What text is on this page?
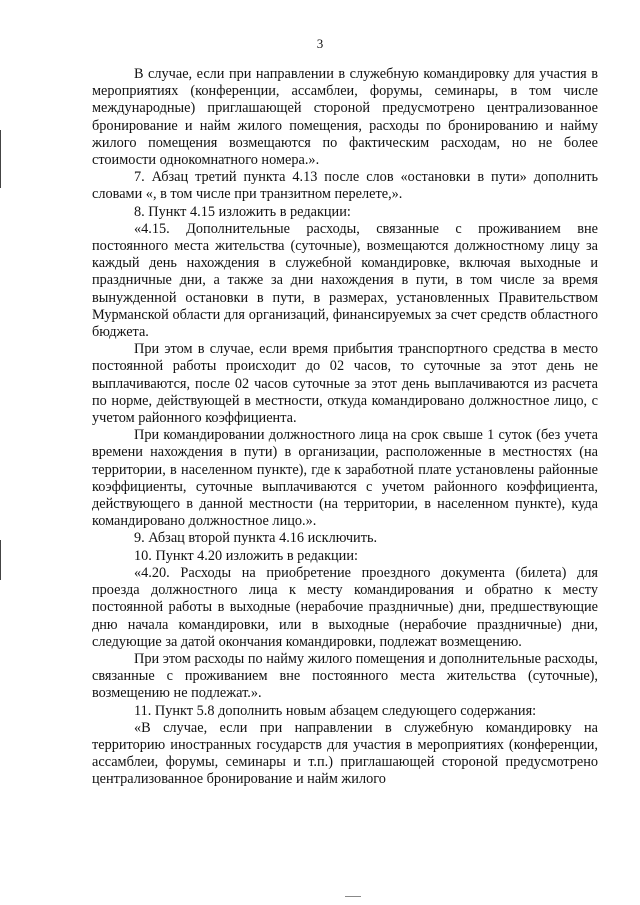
3

В случае, если при направлении в служебную командировку для участия в мероприятиях (конференции, ассамблеи, форумы, семинары, в том числе международные) приглашающей стороной предусмотрено централизованное бронирование и найм жилого помещения, расходы по бронированию и найму жилого помещения возмещаются по фактическим расходам, но не более стоимости однокомнатного номера.».

7. Абзац третий пункта 4.13 после слов «остановки в пути» дополнить словами «, в том числе при транзитном перелете,».

8. Пункт 4.15 изложить в редакции:

«4.15. Дополнительные расходы, связанные с проживанием вне постоянного места жительства (суточные), возмещаются должностному лицу за каждый день нахождения в служебной командировке, включая выходные и праздничные дни, а также за дни нахождения в пути, в том числе за время вынужденной остановки в пути, в размерах, установленных Правительством Мурманской области для организаций, финансируемых за счет средств областного бюджета.

При этом в случае, если время прибытия транспортного средства в место постоянной работы происходит до 02 часов, то суточные за этот день не выплачиваются, после 02 часов суточные за этот день выплачиваются из расчета по норме, действующей в местности, откуда командировано должностное лицо, с учетом районного коэффициента.

При командировании должностного лица на срок свыше 1 суток (без учета времени нахождения в пути) в организации, расположенные в местностях (на территории, в населенном пункте), где к заработной плате установлены районные коэффициенты, суточные выплачиваются с учетом районного коэффициента, действующего в данной местности (на территории, в населенном пункте), куда командировано должностное лицо.».

9. Абзац второй пункта 4.16 исключить.

10. Пункт 4.20 изложить в редакции:

«4.20. Расходы на приобретение проездного документа (билета) для проезда должностного лица к месту командирования и обратно к месту постоянной работы в выходные (нерабочие праздничные) дни, предшествующие дню начала командировки, или в выходные (нерабочие праздничные) дни, следующие за датой окончания командировки, подлежат возмещению.

При этом расходы по найму жилого помещения и дополнительные расходы, связанные с проживанием вне постоянного места жительства (суточные), возмещению не подлежат.».

11. Пункт 5.8 дополнить новым абзацем следующего содержания:

«В случае, если при направлении в служебную командировку на территорию иностранных государств для участия в мероприятиях (конференции, ассамблеи, форумы, семинары и т.п.) приглашающей стороной предусмотрено централизованное бронирование и найм жилого
